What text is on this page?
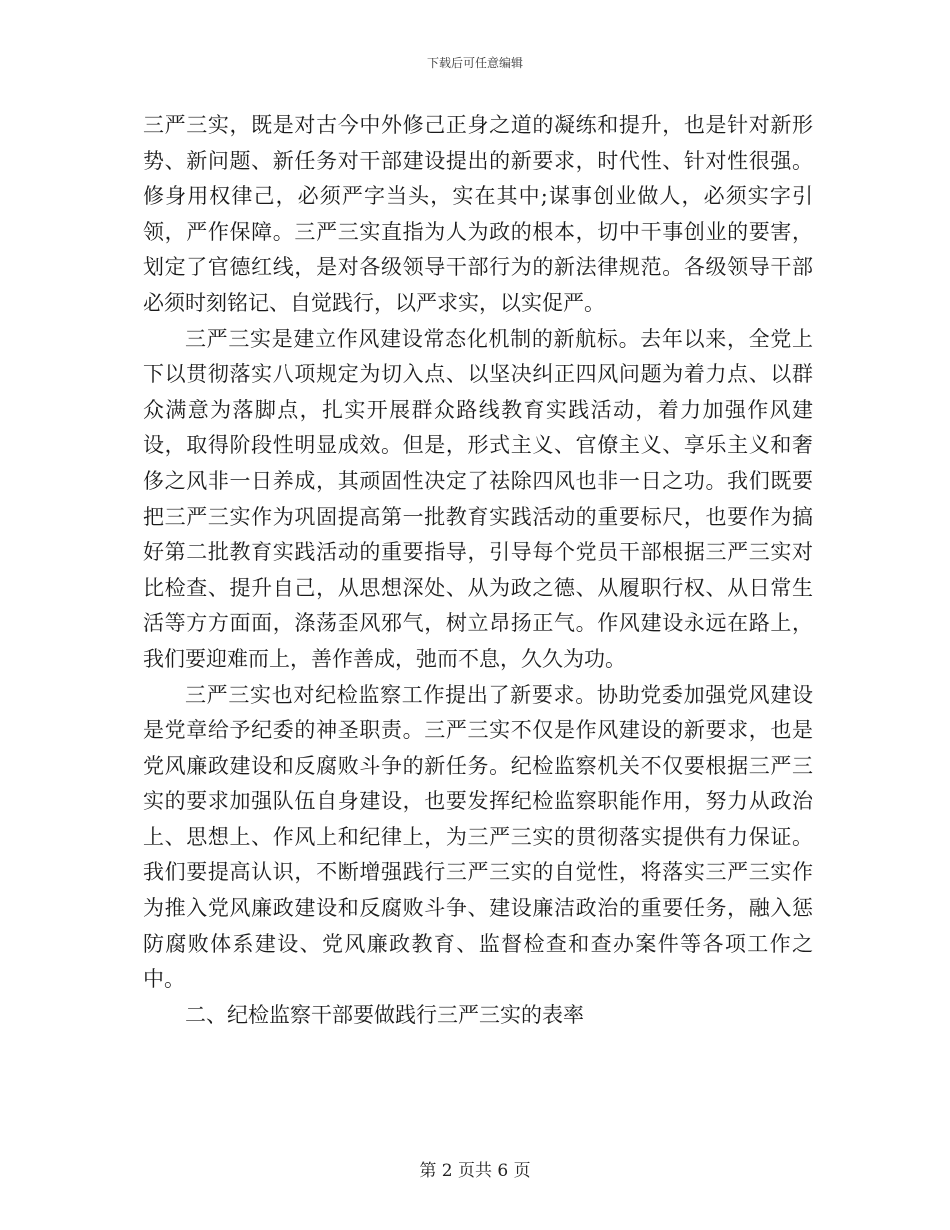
下载后可任意编辑

三严三实，既是对古今中外修己正身之道的凝练和提升，也是针对新形势、新问题、新任务对干部建设提出的新要求，时代性、针对性很强。修身用权律己，必须严字当头，实在其中;谋事创业做人，必须实字引领，严作保障。三严三实直指为人为政的根本，切中干事创业的要害，划定了官德红线，是对各级领导干部行为的新法律规范。各级领导干部必须时刻铭记、自觉践行，以严求实，以实促严。

三严三实是建立作风建设常态化机制的新航标。去年以来，全党上下以贯彻落实八项规定为切入点、以坚决纠正四风问题为着力点、以群众满意为落脚点，扎实开展群众路线教育实践活动，着力加强作风建设，取得阶段性明显成效。但是，形式主义、官僚主义、享乐主义和奢侈之风非一日养成，其顽固性决定了祛除四风也非一日之功。我们既要把三严三实作为巩固提高第一批教育实践活动的重要标尺，也要作为搞好第二批教育实践活动的重要指导，引导每个党员干部根据三严三实对比检查、提升自己，从思想深处、从为政之德、从履职行权、从日常生活等方方面面，涤荡歪风邪气，树立昂扬正气。作风建设永远在路上，我们要迎难而上，善作善成，弛而不息，久久为功。

三严三实也对纪检监察工作提出了新要求。协助党委加强党风建设是党章给予纪委的神圣职责。三严三实不仅是作风建设的新要求，也是党风廉政建设和反腐败斗争的新任务。纪检监察机关不仅要根据三严三实的要求加强队伍自身建设，也要发挥纪检监察职能作用，努力从政治上、思想上、作风上和纪律上，为三严三实的贯彻落实提供有力保证。我们要提高认识，不断增强践行三严三实的自觉性，将落实三严三实作为推入党风廉政建设和反腐败斗争、建设廉洁政治的重要任务，融入惩防腐败体系建设、党风廉政教育、监督检查和查办案件等各项工作之中。

二、纪检监察干部要做践行三严三实的表率

第 2 页共 6 页
